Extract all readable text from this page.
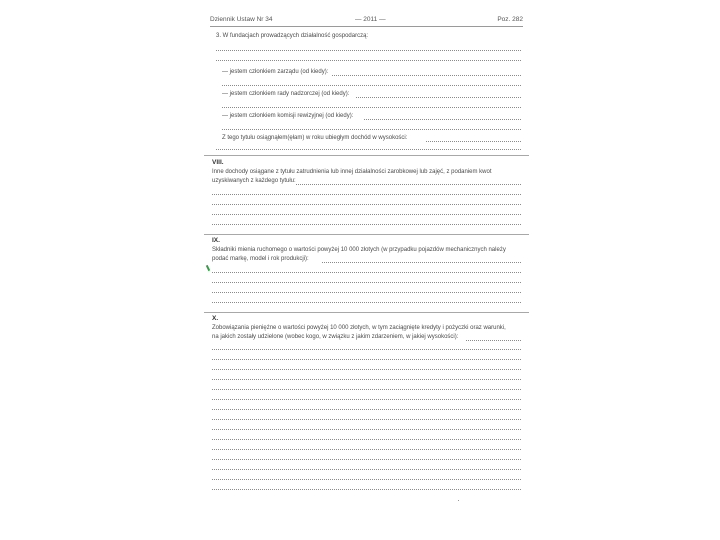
Dziennik Ustaw Nr 34	— 2011 —	Poz. 282
3. W fundacjach prowadzących działalność gospodarczą:
— jestem członkiem zarządu (od kiedy):
— jestem członkiem rady nadzorczej (od kiedy):
— jestem członkiem komisji rewizyjnej (od kiedy):
Z tego tytułu osiągnąłem(ęłam) w roku ubiegłym dochód w wysokości:
VIII.
Inne dochody osiągane z tytułu zatrudnienia lub innej działalności zarobkowej lub zajęć, z podaniem kwot
uzyskiwanych z każdego tytułu:
IX.
Składniki mienia ruchomego o wartości powyżej 10 000 złotych (w przypadku pojazdów mechanicznych należy
podać markę, model i rok produkcji):
X.
Zobowiązania pieniężne o wartości powyżej 10 000 złotych, w tym zaciągnięte kredyty i pożyczki oraz warunki,
na jakich zostały udzielone (wobec kogo, w związku z jakim zdarzeniem, w jakiej wysokości):
